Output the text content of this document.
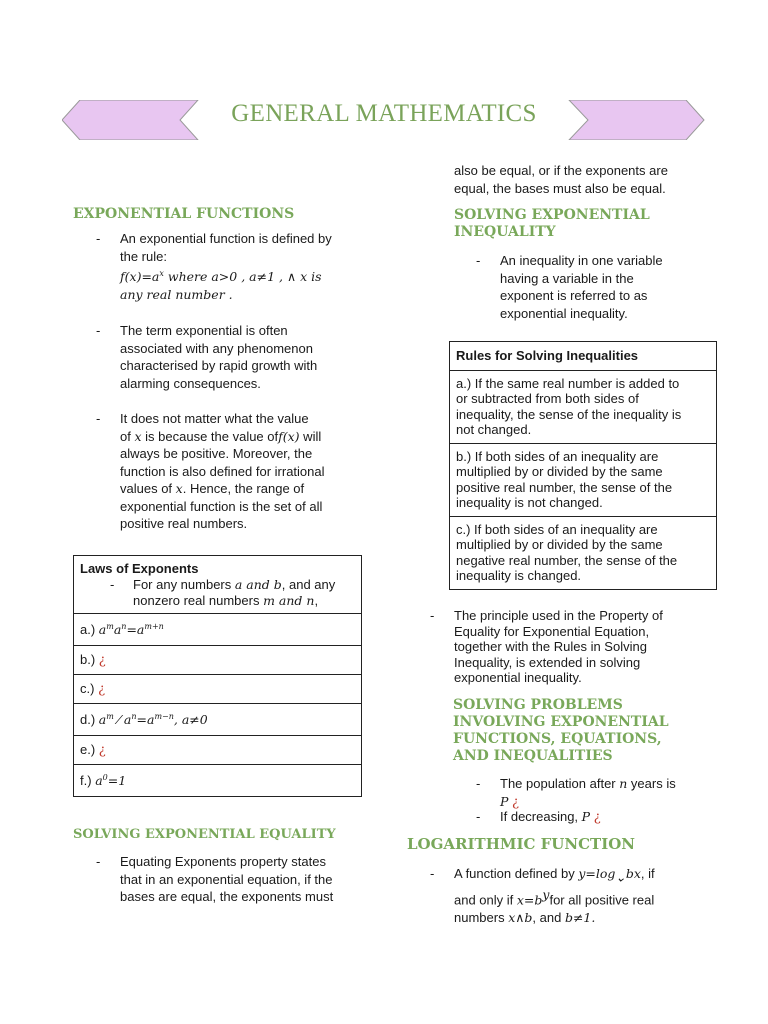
GENERAL MATHEMATICS
EXPONENTIAL FUNCTIONS
- An exponential function is defined by
the rule:
$f(x)=a^x$ where a>0 , a≠1 , ∧ x is
any real number .
- The term exponential is often
associated with any phenomenon
characterised by rapid growth with
alarming consequences.
- It does not matter what the value
of x is because the value off(x) will
always be positive. Moreover, the
function is also defined for irrational
values of x. Hence, the range of
exponential function is the set of all
positive real numbers.
Laws of Exponents
- For any numbers a and b, and any
nonzero real numbers m and n,

a.) $a^ma^n=a^{m+n}$
b.) ¿
c.) ¿
d.) $a^m$ ⁄ $a^n=a^{m-n}$, a≠0
e.) ¿
f.) $a^0=1$
SOLVING EXPONENTIAL EQUALITY
- Equating Exponents property states
that in an exponential equation, if the
bases are equal, the exponents must
also be equal, or if the exponents are
equal, the bases must also be equal.
SOLVING EXPONENTIAL
INEQUALITY
- An inequality in one variable
having a variable in the
exponent is referred to as
exponential inequality.
Rules for Solving Inequalities

a.) If the same real number is added to
or subtracted from both sides of
inequality, the sense of the inequality is
not changed.

b.) If both sides of an inequality are
multiplied by or divided by the same
positive real number, the sense of the
inequality is not changed.

c.) If both sides of an inequality are
multiplied by or divided by the same
negative real number, the sense of the
inequality is changed.
- The principle used in the Property of
Equality for Exponential Equation,
together with the Rules in Solving
Inequality, is extended in solving
exponential inequality.
SOLVING PROBLEMS
INVOLVING EXPONENTIAL
FUNCTIONS, EQUATIONS,
AND INEQUALITIES
- The population after n years is
P ¿
- If decreasing, P ¿
LOGARITHMIC FUNCTION
- A function defined by $y=\log_⌄bx$, if
and only if $x=b^yfor$ all positive real
numbers x∧b, and b≠1.
